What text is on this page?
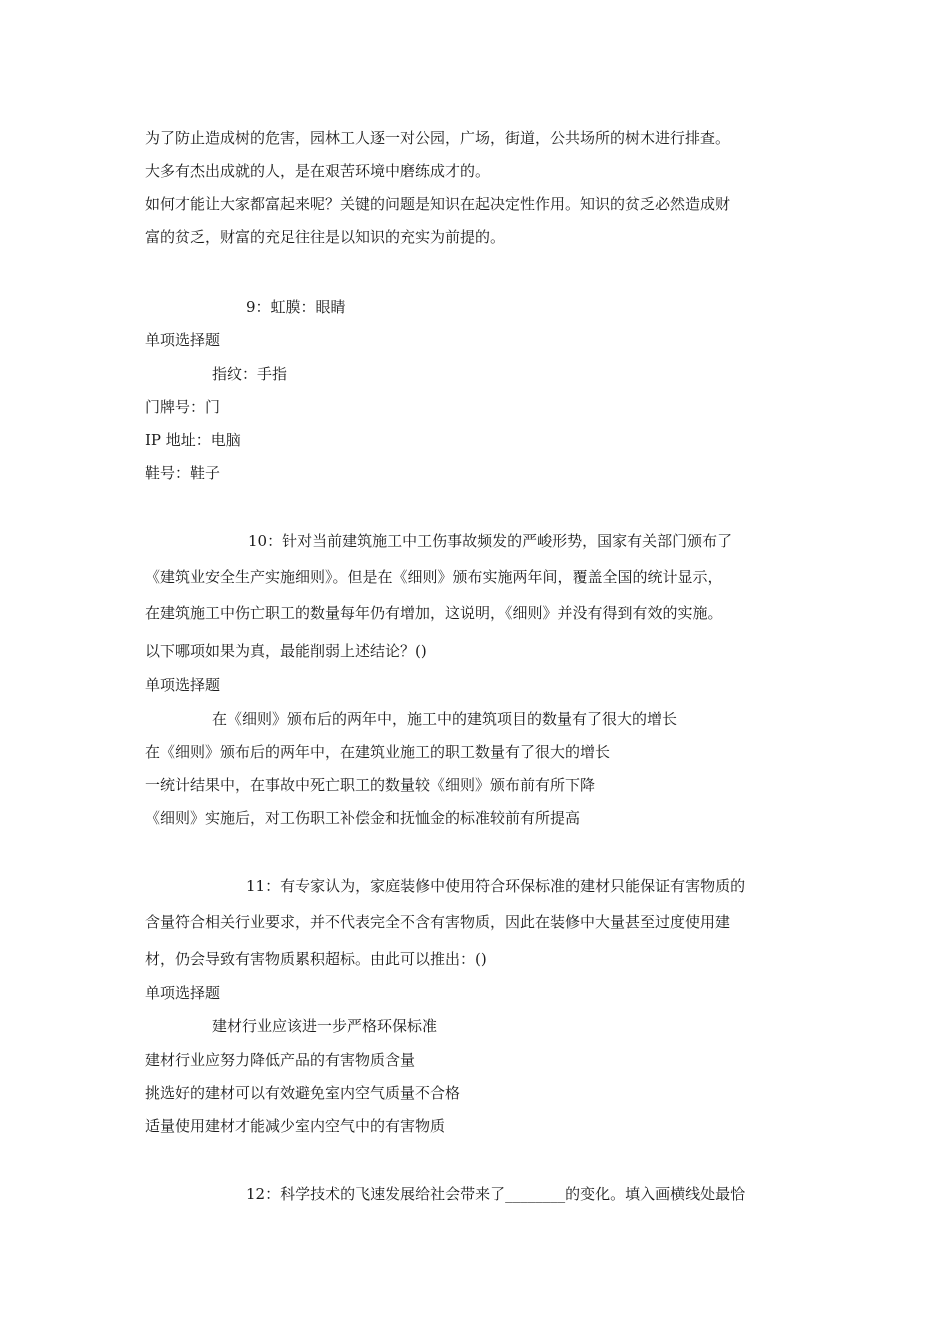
为了防止造成树的危害，园林工人逐一对公园，广场，街道，公共场所的树木进行排查。
大多有杰出成就的人，是在艰苦环境中磨练成才的。
如何才能让大家都富起来呢？关键的问题是知识在起决定性作用。知识的贫乏必然造成财
富的贫乏，财富的充足往往是以知识的充实为前提的。
9：虹膜：眼睛
单项选择题
指纹：手指
门牌号：门
IP 地址：电脑
鞋号：鞋子
10：针对当前建筑施工中工伤事故频发的严峻形势，国家有关部门颁布了
《建筑业安全生产实施细则》。但是在《细则》颁布实施两年间，覆盖全国的统计显示，
在建筑施工中伤亡职工的数量每年仍有增加，这说明，《细则》并没有得到有效的实施。
以下哪项如果为真，最能削弱上述结论？()
单项选择题
在《细则》颁布后的两年中，施工中的建筑项目的数量有了很大的增长
在《细则》颁布后的两年中，在建筑业施工的职工数量有了很大的增长
一统计结果中，在事故中死亡职工的数量较《细则》颁布前有所下降
《细则》实施后，对工伤职工补偿金和抚恤金的标准较前有所提高
11：有专家认为，家庭装修中使用符合环保标准的建材只能保证有害物质的
含量符合相关行业要求，并不代表完全不含有害物质，因此在装修中大量甚至过度使用建
材，仍会导致有害物质累积超标。由此可以推出：()
单项选择题
建材行业应该进一步严格环保标准
建材行业应努力降低产品的有害物质含量
挑选好的建材可以有效避免室内空气质量不合格
适量使用建材才能减少室内空气中的有害物质
12：科学技术的飞速发展给社会带来了________的变化。填入画横线处最恰
